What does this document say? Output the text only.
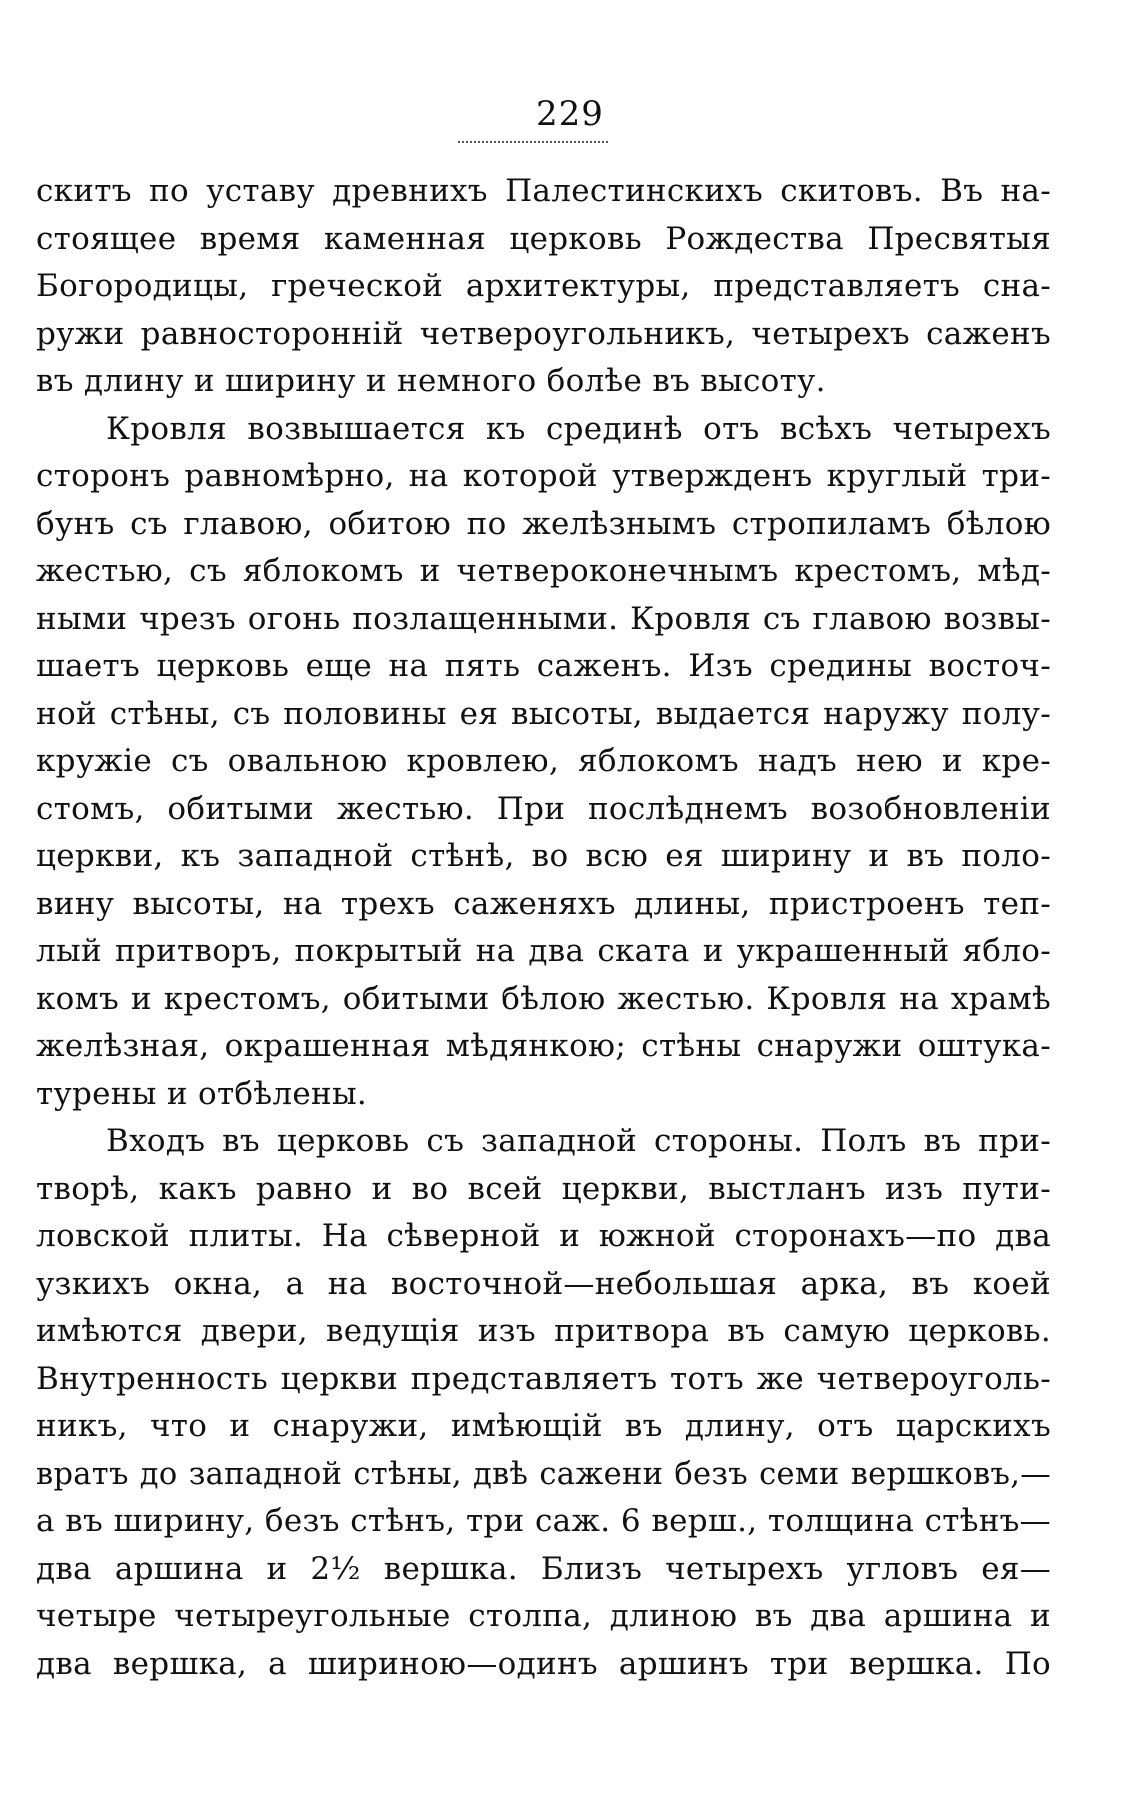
229
скитъ по уставу древнихъ Палестинскихъ скитовъ. Въ на-
стоящее время каменная церковь Рождества Пресвятыя
Богородицы, греческой архитектуры, представляетъ сна-
ружи равносторонній четвероугольникъ, четырехъ саженъ
въ длину и ширину и немного болѣе въ высоту.
Кровля возвышается къ срединѣ отъ всѣхъ четырехъ
сторонъ равномѣрно, на которой утвержденъ круглый три-
бунъ съ главою, обитою по желѣзнымъ стропиламъ бѣлою
жестью, съ яблокомъ и четвероконечнымъ крестомъ, мѣд-
ными чрезъ огонь позлащенными. Кровля съ главою возвы-
шаетъ церковь еще на пять саженъ. Изъ средины восточ-
ной стѣны, съ половины ея высоты, выдается наружу полу-
кружіе съ овальною кровлею, яблокомъ надъ нею и кре-
стомъ, обитыми жестью. При послѣднемъ возобновленіи
церкви, къ западной стѣнѣ, во всю ея ширину и въ поло-
вину высоты, на трехъ саженяхъ длины, пристроенъ теп-
лый притворъ, покрытый на два ската и украшенный ябло-
комъ и крестомъ, обитыми бѣлою жестью. Кровля на храмѣ
желѣзная, окрашенная мѣдянкою; стѣны снаружи оштука-
турены и отбѣлены.
Входъ въ церковь съ западной стороны. Полъ въ при-
творѣ, какъ равно и во всей церкви, выстланъ изъ пути-
ловской плиты. На сѣверной и южной сторонахъ—по два
узкихъ окна, а на восточной—небольшая арка, въ коей
имѣются двери, ведущія изъ притвора въ самую церковь.
Внутренность церкви представляетъ тотъ же четвероуголь-
никъ, что и снаружи, имѣющій въ длину, отъ царскихъ
вратъ до западной стѣны, двѣ сажени безъ семи вершковъ,—
а въ ширину, безъ стѣнъ, три саж. 6 верш., толщина стѣнъ—
два аршина и 2½ вершка. Близъ четырехъ угловъ ея—
четыре четыреугольные столпа, длиною въ два аршина и
два вершка, а шириною—одинъ аршинъ три вершка. По
